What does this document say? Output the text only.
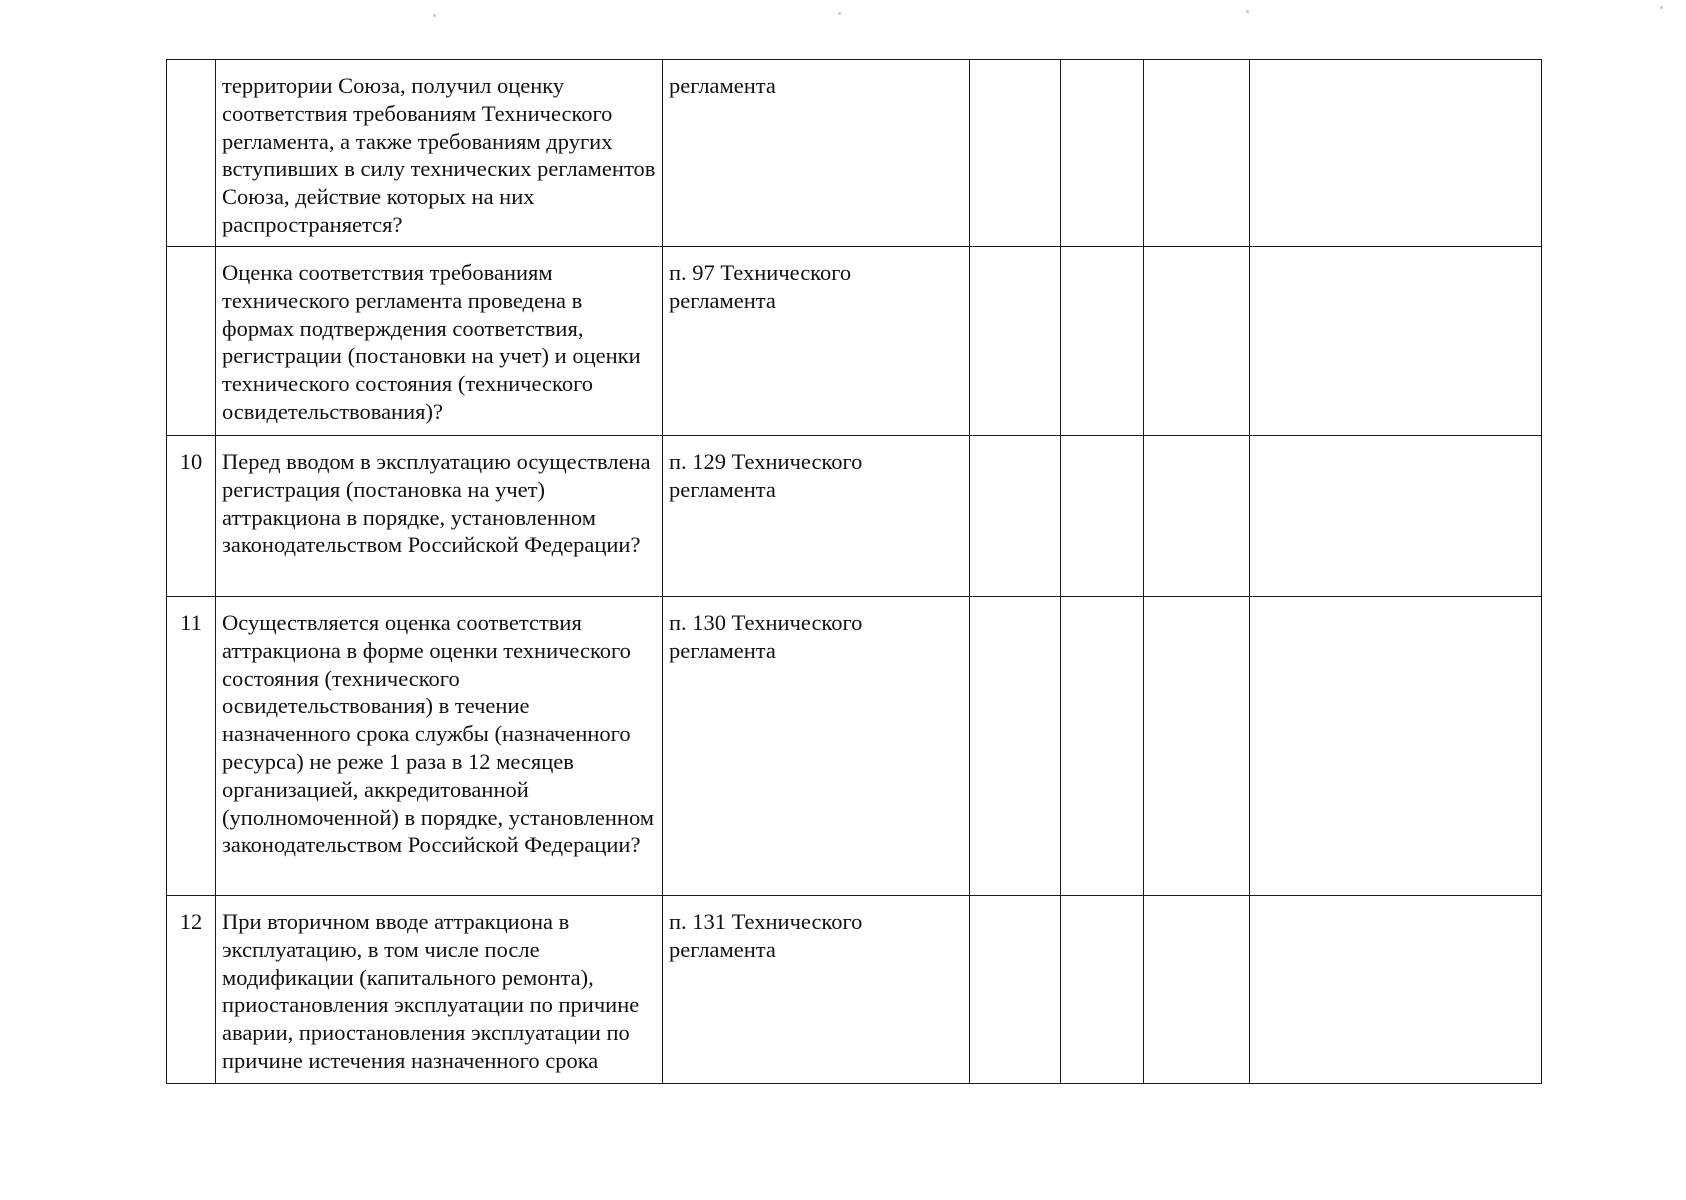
	территории Союза, получил оценку соответствия требованиям Технического регламента, а также требованиям других вступивших в силу технических регламентов Союза, действие которых на них распространяется?	регламента				
	Оценка соответствия требованиям технического регламента проведена в формах подтверждения соответствия, регистрации (постановки на учет) и оценки технического состояния (технического освидетельствования)?	п. 97 Технического регламента				
10	Перед вводом в эксплуатацию осуществлена регистрация (постановка на учет) аттракциона в порядке, установленном законодательством Российской Федерации?	п. 129 Технического регламента				
11	Осуществляется оценка соответствия аттракциона в форме оценки технического состояния (технического освидетельствования) в течение назначенного срока службы (назначенного ресурса) не реже 1 раза в 12 месяцев организацией, аккредитованной (уполномоченной) в порядке, установленном законодательством Российской Федерации?	п. 130 Технического регламента				
12	При вторичном вводе аттракциона в эксплуатацию, в том числе после модификации (капитального ремонта), приостановления эксплуатации по причине аварии, приостановления эксплуатации по причине истечения назначенного срока	п. 131 Технического регламента				
